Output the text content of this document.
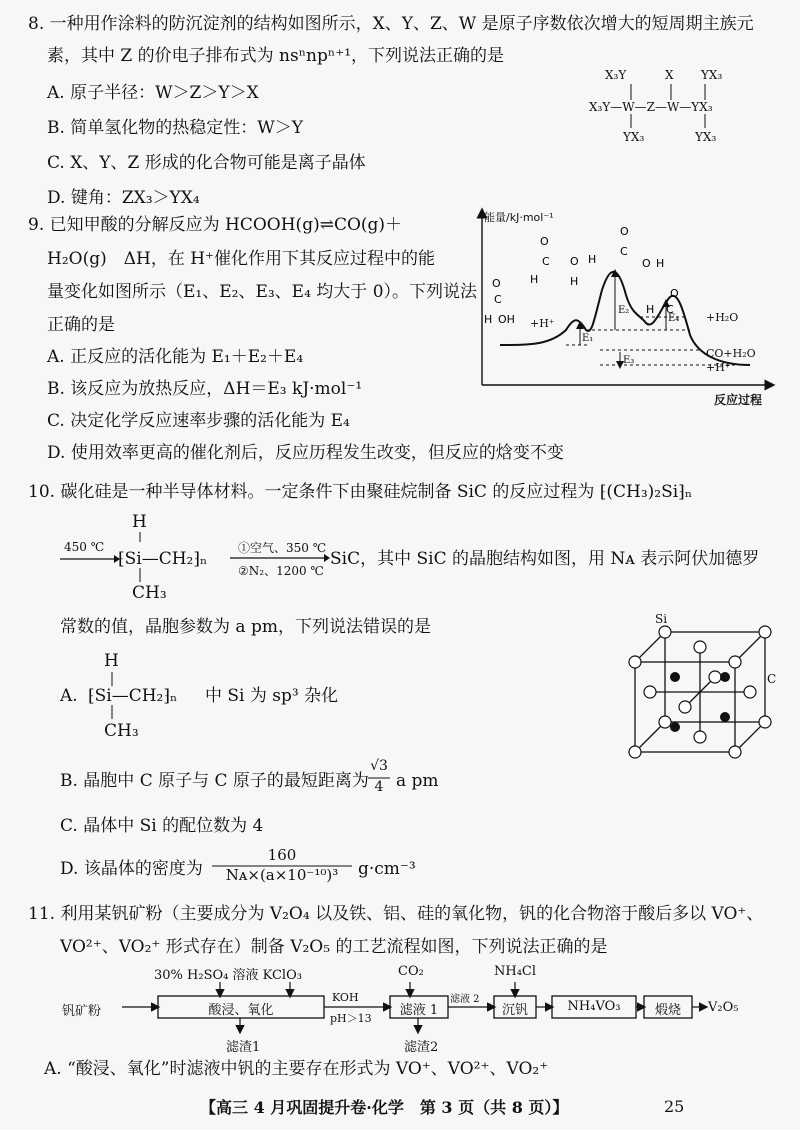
8. 一种用作涂料的防沉淀剂的结构如图所示，X、Y、Z、W 是原子序数依次增大的短周期主族元
素，其中 Z 的价电子排布式为 nsⁿnpⁿ⁺¹，下列说法正确的是
A. 原子半径：W＞Z＞Y＞X
B. 简单氢化物的热稳定性：W＞Y
C. X、Y、Z 形成的化合物可能是离子晶体
D. 键角：ZX₃＞YX₄
X₃Y	X YX₃
X₃Y—W—Z—W—YX₃
YX₃	YX₃
9. 已知甲酸的分解反应为 HCOOH(g)⇌CO(g)＋
H₂O(g)　ΔH，在 H⁺催化作用下其反应过程中的能
量变化如图所示（E₁、E₂、E₃、E₄ 均大于 0）。下列说法
正确的是
A. 正反应的活化能为 E₁＋E₂＋E₄
B. 该反应为放热反应，ΔH＝E₃ kJ·mol⁻¹
C. 决定化学反应速率步骤的活化能为 E₄
D. 使用效率更高的催化剂后，反应历程发生改变，但反应的焓变不变
C
H OH
O
O
C
H
O
H
H
O
C
O H
O
H C
能量/kJ·mol⁻¹
反应过程
E₁
E₂
E₃
E₄
+H⁺	+H₂O
CO+H₂O
+H⁺
10. 碳化硅是一种半导体材料。一定条件下由聚硅烷制备 SiC 的反应过程为 ⁅(CH₃)₂Si⁆ₙ
H
450 ℃
⁅Si—CH₂⁆ₙ
①空气、350 ℃
②N₂、1200 ℃
SiC，其中 SiC 的晶胞结构如图，用 Nᴀ 表示阿伏加德罗
CH₃
常数的值，晶胞参数为 a pm，下列说法错误的是
H
A. ⁅Si—CH₂⁆ₙ 中 Si 为 sp³ 杂化
CH₃
B. 晶胞中 C 原子与 C 原子的最短距离为
√3
4 a pm
C. 晶体中 Si 的配位数为 4
D. 该晶体的密度为
160
Nᴀ×(a×10⁻¹⁰)³	g·cm⁻³
Si
C
11. 利用某钒矿粉（主要成分为 V₂O₄ 以及铁、铝、硅的氧化物，钒的化合物溶于酸后多以 VO⁺、
VO²⁺、VO₂⁺ 形式存在）制备 V₂O₅ 的工艺流程如图，下列说法正确的是
30% H₂SO₄ 溶液 KClO₃
钒矿粉	酸浸、氧化
滤渣1
KOH
pH＞13
CO₂
滤液 1
滤渣2
滤液 2
NH₄Cl
沉钒	NH₄VO₃	煅烧	V₂O₅
A. “酸浸、氧化”时滤液中钒的主要存在形式为 VO⁺、VO²⁺、VO₂⁺
【高三 4 月巩固提升卷·化学　第 3 页（共 8 页）】	25
